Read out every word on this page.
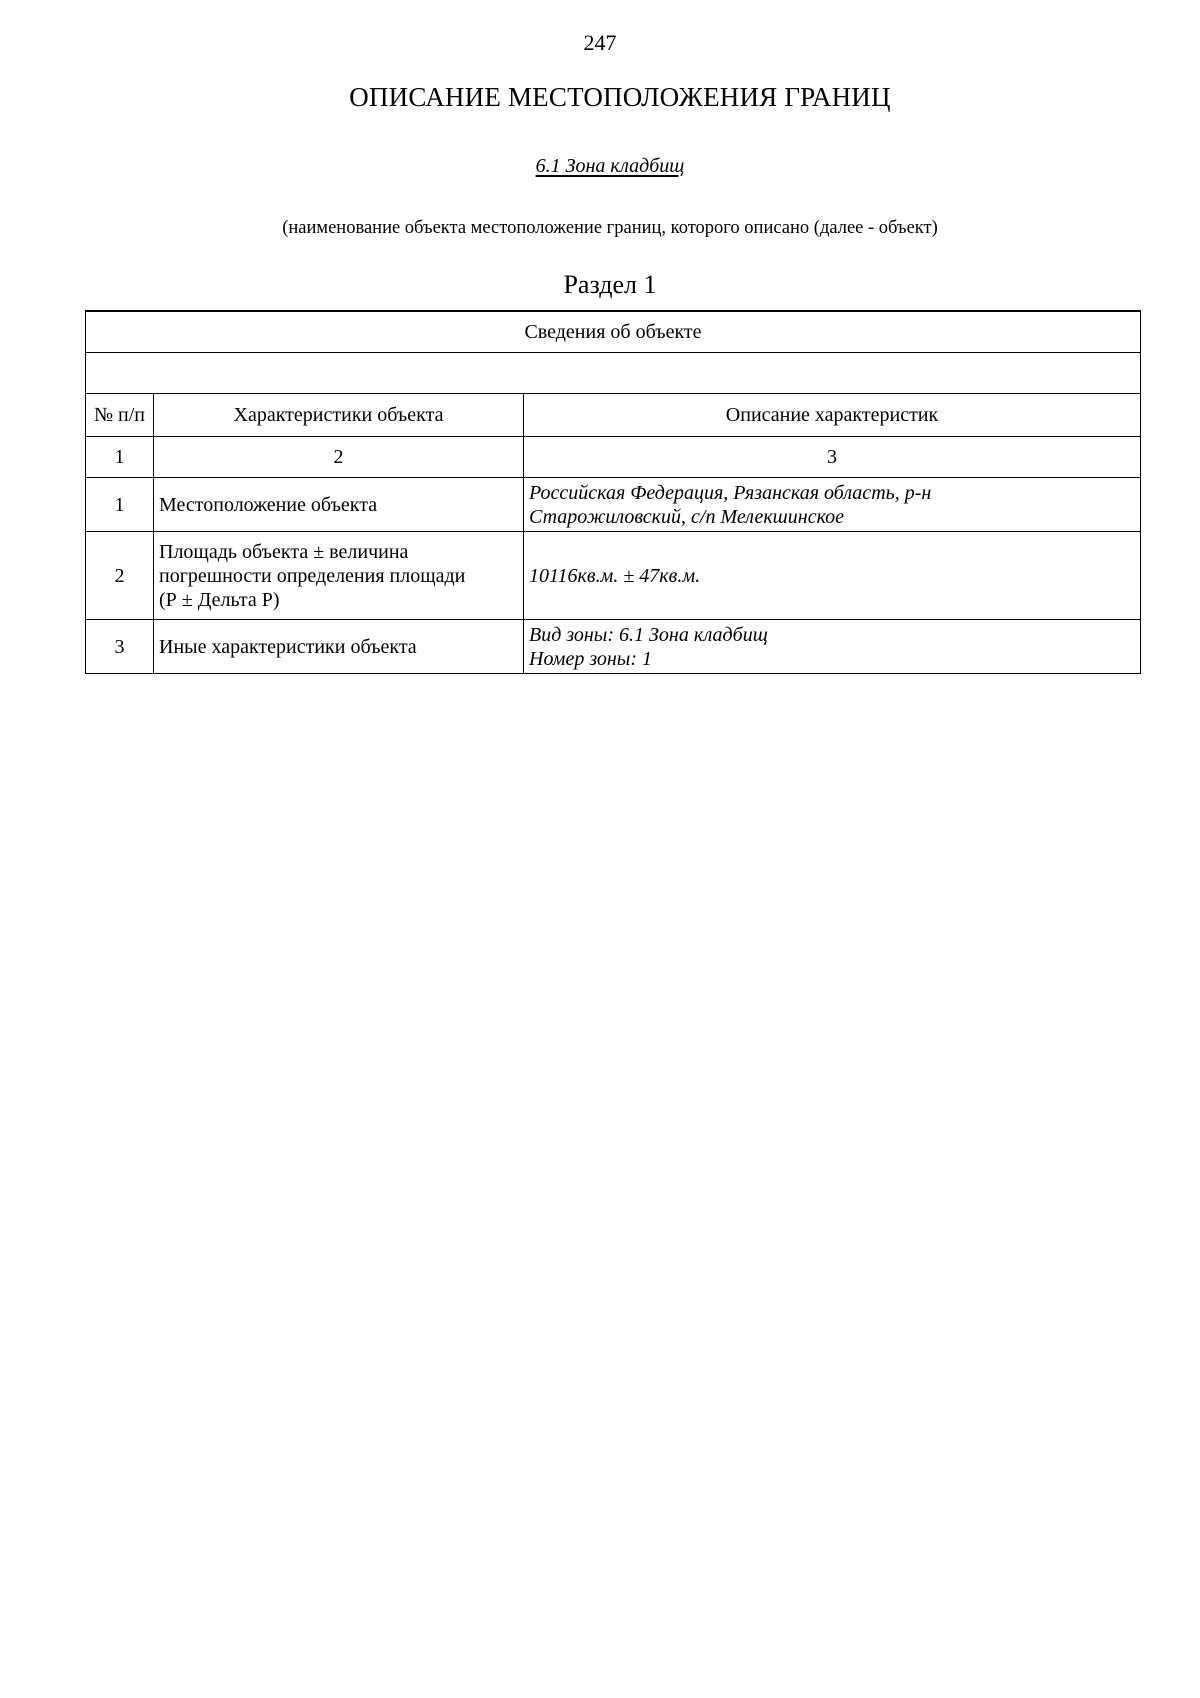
247
ОПИСАНИЕ МЕСТОПОЛОЖЕНИЯ ГРАНИЦ
6.1 Зона кладбищ
(наименование объекта местоположение границ, которого описано (далее - объект)
Раздел 1
Сведения об объекте		

№ п/п	Характеристики объекта	Описание характеристик
1	2	3
1	Местоположение объекта	Российская Федерация, Рязанская область, р-н
Старожиловский, с/п Мелекшинское

2	Площадь объекта ± величина
погрешности определения площади
(Р ± Дельта Р)	10116кв.м. ± 47кв.м.

3	Иные характеристики объекта	Вид зоны: 6.1 Зона кладбищ
Номер зоны: 1
